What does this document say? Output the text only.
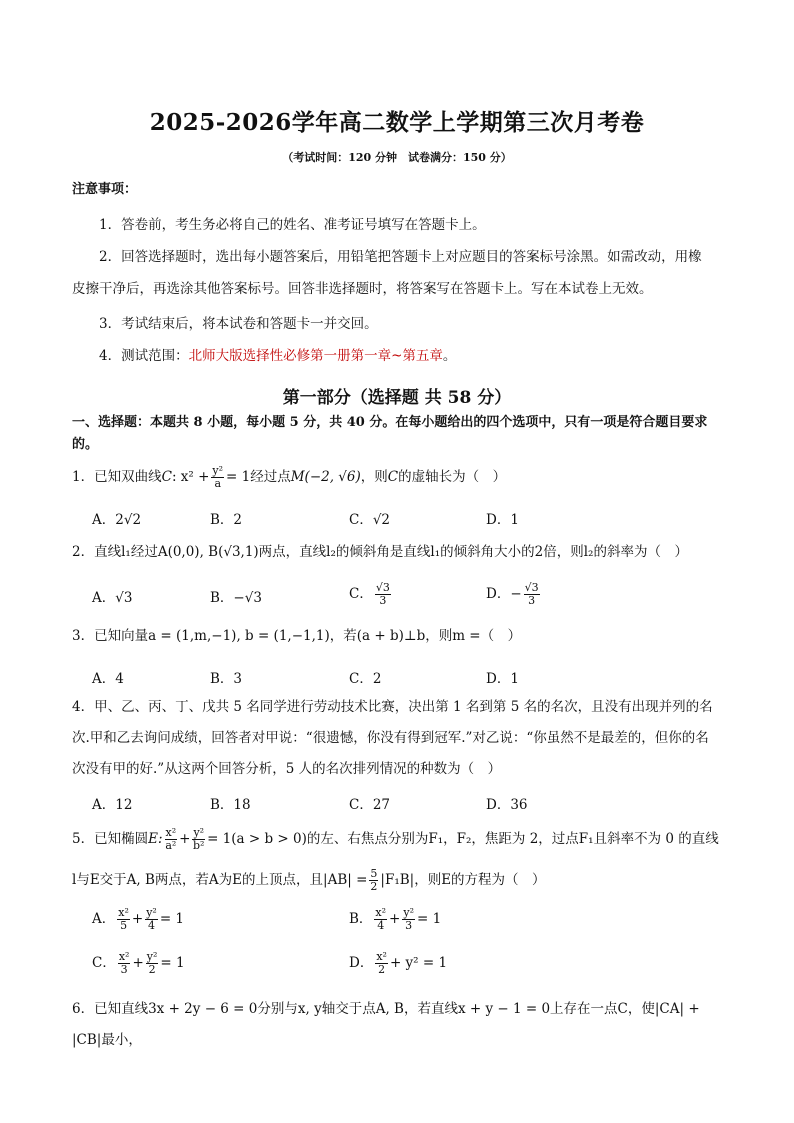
2025-2026学年高二数学上学期第三次月考卷
（考试时间：120 分钟　试卷满分：150 分）
注意事项：
1．答卷前，考生务必将自己的姓名、准考证号填写在答题卡上。
2．回答选择题时，选出每小题答案后，用铅笔把答题卡上对应题目的答案标号涂黑。如需改动，用橡
皮擦干净后，再选涂其他答案标号。回答非选择题时，将答案写在答题卡上。写在本试卷上无效。
3．考试结束后，将本试卷和答题卡一并交回。
4．测试范围：北师大版选择性必修第一册第一章~第五章。
第一部分（选择题 共 58 分）
一、选择题：本题共 8 小题，每小题 5 分，共 40 分。在每小题给出的四个选项中，只有一项是符合题目要求的。
1．已知双曲线C: $x^2 + \frac{\text{y²}}{a} = 1$经过点M(−2, √6)，则C的虚轴长为（　）
A．2√2	B．2	C．√2	D．1
2．直线l₁经过A(0,0), B(√3,1)两点，直线l₂的倾斜角是直线l₁的倾斜角大小的2倍，则l₂的斜率为（　）
A．√3	B．−√3	C． $\frac{√3}{3}$	D．− $\frac{√3}{3}$
3．已知向量a = (1,m,−1), b = (1,−1,1)，若(a + b)⊥b，则m =（　）
A．4	B．3	C．2	D．1
4．甲、乙、丙、丁、戊共 5 名同学进行劳动技术比赛，决出第 1 名到第 5 名的名次，且没有出现并列的名
次.甲和乙去询问成绩，回答者对甲说：“很遗憾，你没有得到冠军.”对乙说：“你虽然不是最差的，但你的名
次没有甲的好.”从这两个回答分析，5 人的名次排列情况的种数为（　）
A．12	B．18	C．27	D．36
5．已知椭圆E: $\frac{\text{x²}}{\text{a²}} + \frac{\text{y²}}{\text{b²}} = 1(a > b > 0)$的左、右焦点分别为F₁，F₂，焦距为 2，过点F₁且斜率不为 0 的直线
l与E交于A, B两点，若A为E的上顶点，且$|AB| = \frac{5}{2} |F_1B|$，则E的方程为（　）
A． $\frac{\text{x²}}{5} + \frac{\text{y²}}{4} = 1$	B． $\frac{\text{x²}}{4} + \frac{\text{y²}}{3} = 1$
C． $\frac{\text{x²}}{3} + \frac{\text{y²}}{2} = 1$	D． $\frac{\text{x²}}{2} + y^2 = 1$
6．已知直线3x + 2y − 6 = 0分别与x, y轴交于点A, B，若直线x + y − 1 = 0上存在一点C，使|CA| + |CB|最小，
